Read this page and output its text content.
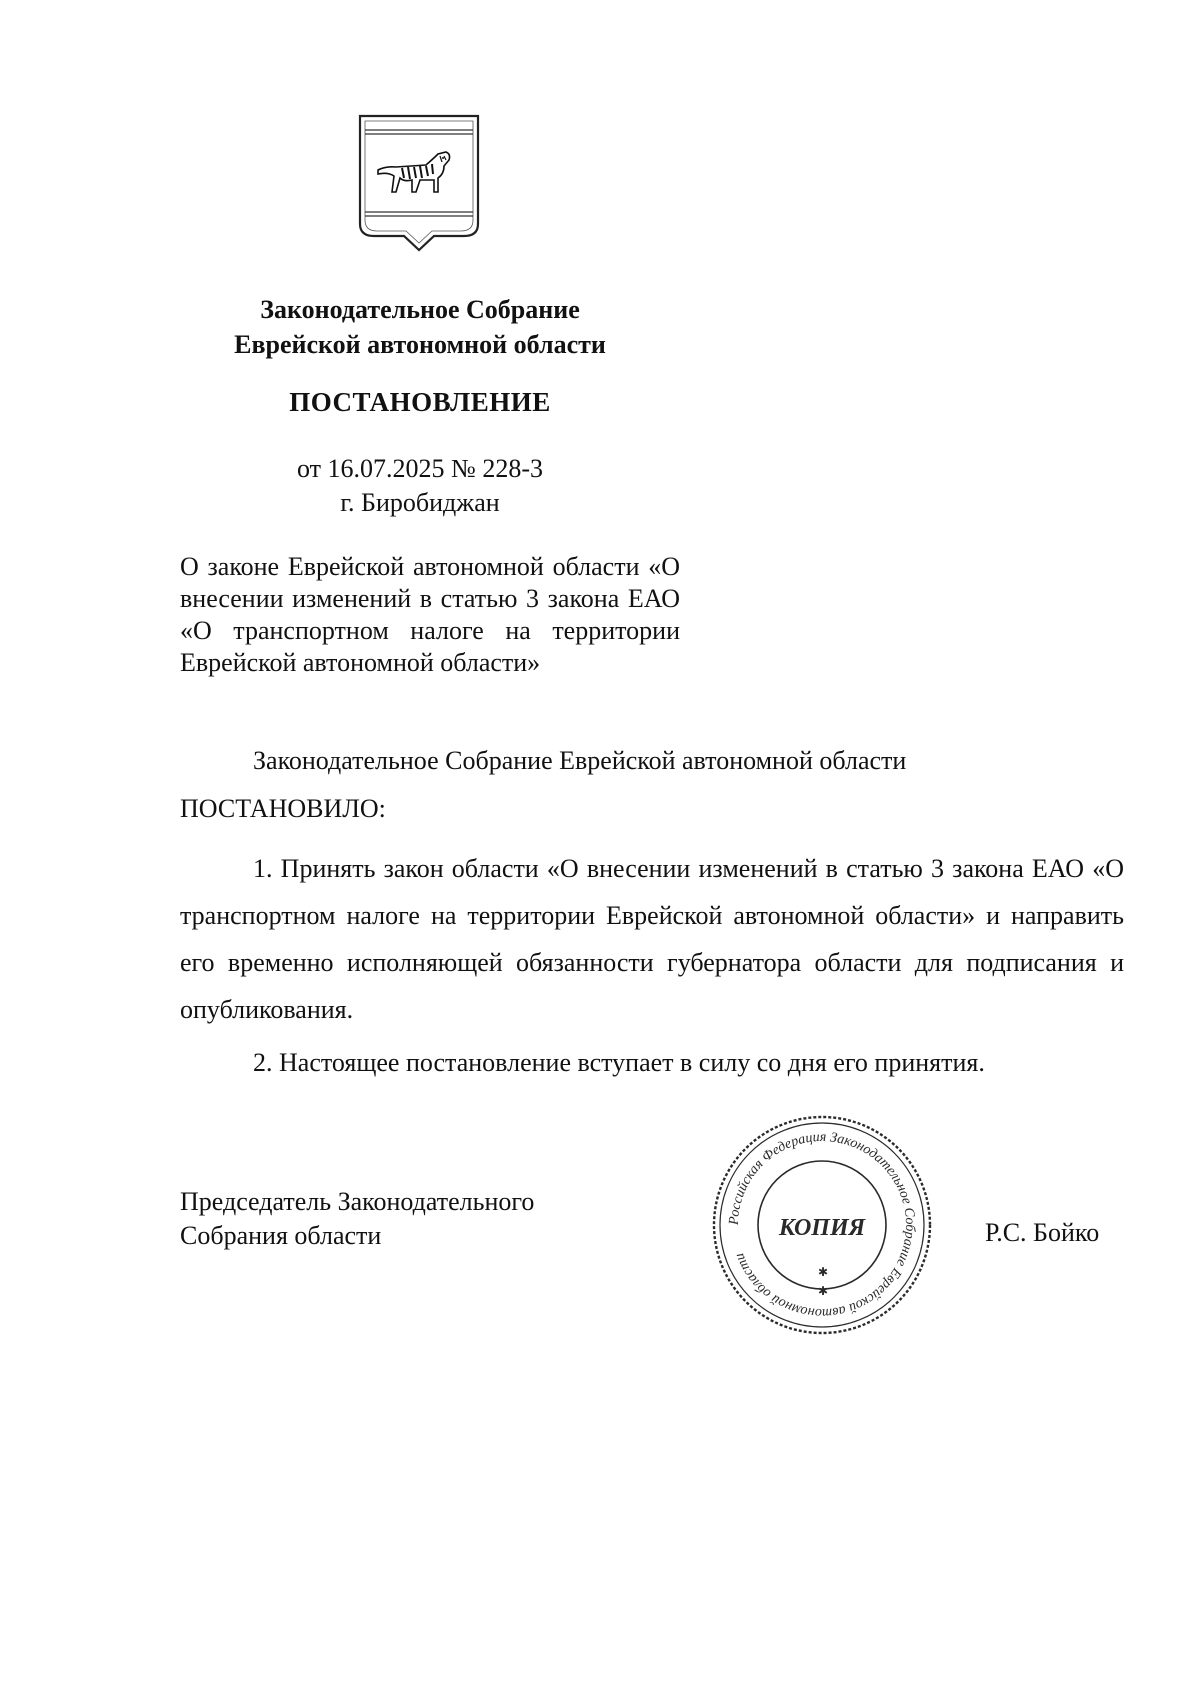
Законодательное Собрание
Еврейской автономной области
ПОСТАНОВЛЕНИЕ
от 16.07.2025 № 228-3
г. Биробиджан
О законе Еврейской автономной области «О внесении изменений в статью 3 закона ЕАО «О транспортном налоге на территории Еврейской автономной области»

Законодательное Собрание Еврейской автономной области

ПОСТАНОВИЛО:

1. Принять закон области «О внесении изменений в статью 3 закона ЕАО «О транспортном налоге на территории Еврейской автономной области» и направить его временно исполняющей обязанности губернатора области для подписания и опубликования.

2. Настоящее постановление вступает в силу со дня его принятия.

Председатель Законодательного
Собрания области
Российская Федерация Законодательное Собрание Еврейской автономной области
КОПИЯ
✱
✱
Р.С. Бойко
